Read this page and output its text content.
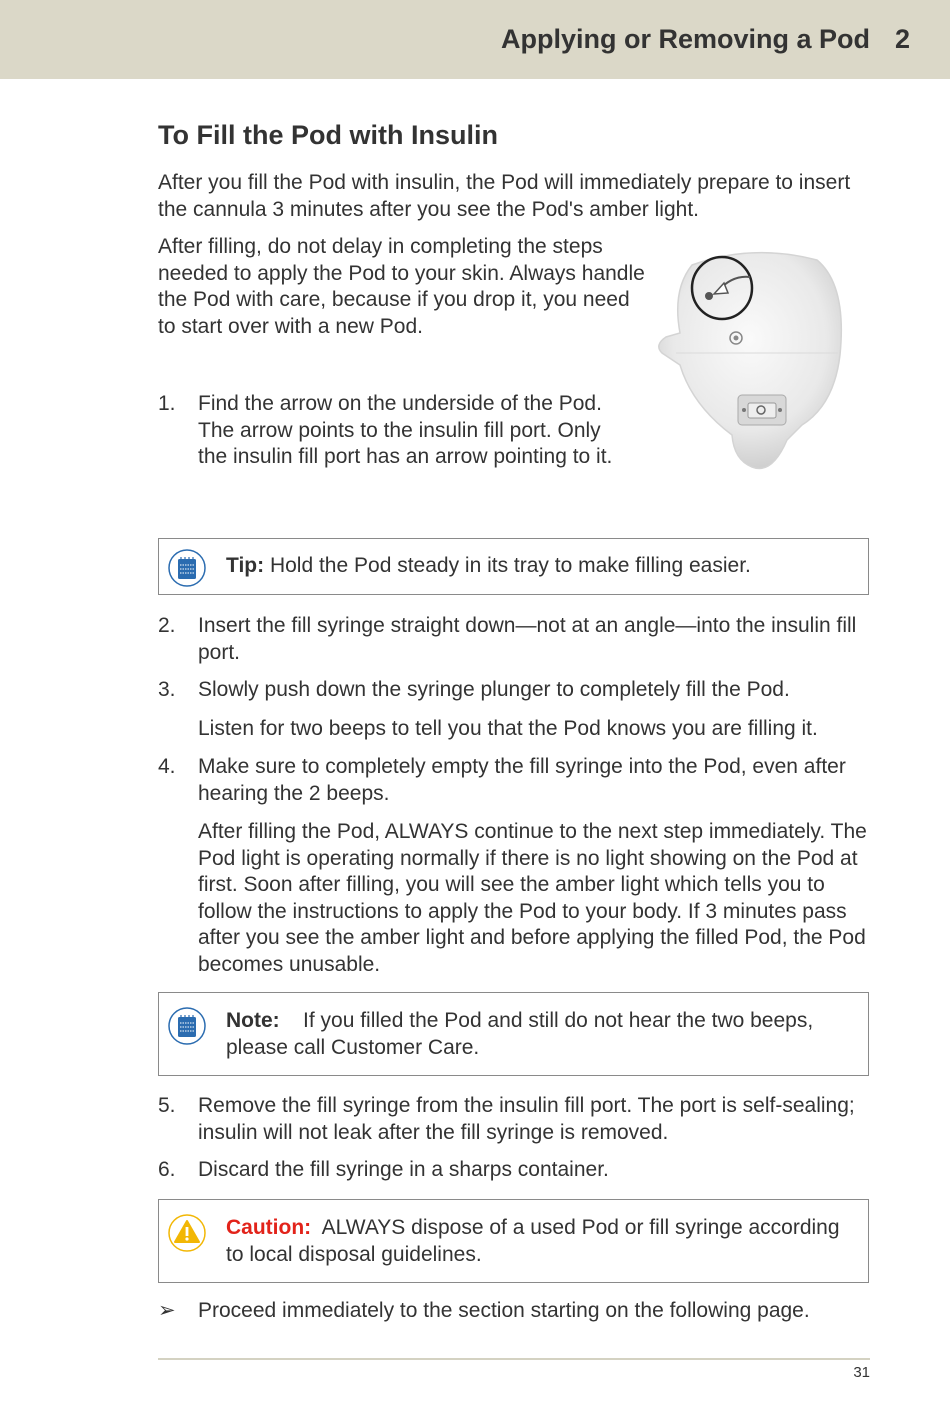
Applying or Removing a Pod 2
To Fill the Pod with Insulin
After you fill the Pod with insulin, the Pod will immediately prepare to insert the cannula 3 minutes after you see the Pod's amber light.
After filling, do not delay in completing the steps needed to apply the Pod to your skin. Always handle the Pod with care, because if you drop it, you need to start over with a new Pod.
1. Find the arrow on the underside of the Pod. The arrow points to the insulin fill port. Only the insulin fill port has an arrow pointing to it.
Tip: Hold the Pod steady in its tray to make filling easier.
2. Insert the fill syringe straight down—not at an angle—into the insulin fill port.
3. Slowly push down the syringe plunger to completely fill the Pod.
Listen for two beeps to tell you that the Pod knows you are filling it.
4. Make sure to completely empty the fill syringe into the Pod, even after hearing the 2 beeps.
After filling the Pod, ALWAYS continue to the next step immediately. The Pod light is operating normally if there is no light showing on the Pod at first. Soon after filling, you will see the amber light which tells you to follow the instructions to apply the Pod to your body. If 3 minutes pass after you see the amber light and before applying the filled Pod, the Pod becomes unusable.
Note: If you filled the Pod and still do not hear the two beeps, please call Customer Care.
5. Remove the fill syringe from the insulin fill port. The port is self-sealing; insulin will not leak after the fill syringe is removed.
6. Discard the fill syringe in a sharps container.
Caution: ALWAYS dispose of a used Pod or fill syringe according to local disposal guidelines.
➢ Proceed immediately to the section starting on the following page.
31
